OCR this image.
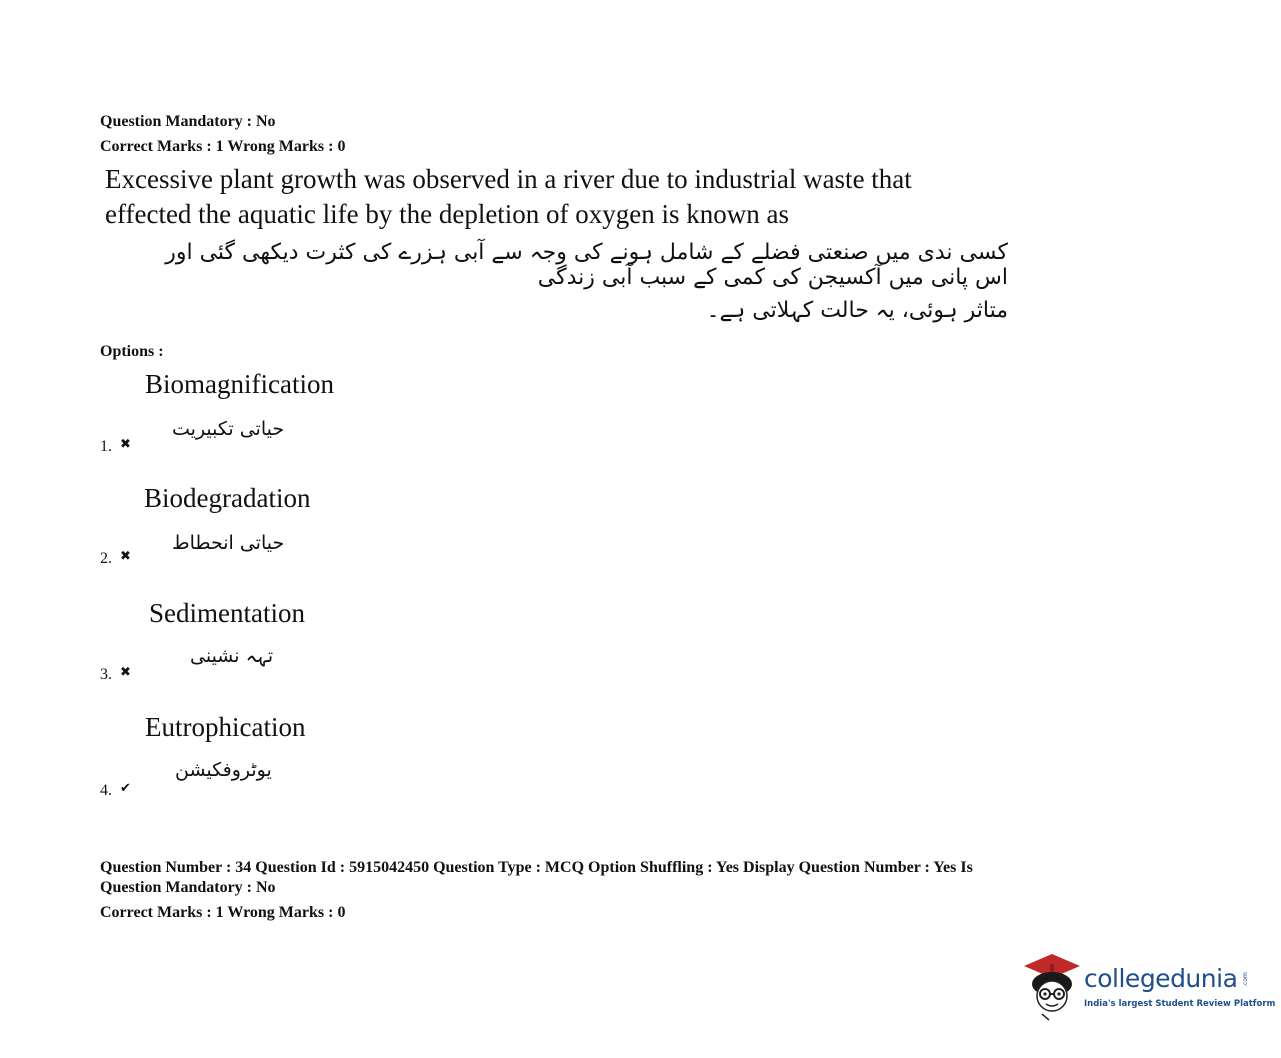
Question Mandatory : No
Correct Marks : 1 Wrong Marks : 0
Excessive plant growth was observed in a river due to industrial waste that
effected the aquatic life by the depletion of oxygen is known as
کسی ندی میں صنعتی فضلے کے شامل ہونے کی وجہ سے آبی ہزرے کی کثرت دیکھی گئی اور اس پانی میں آکسیجن کی کمی کے سبب آبی زندگی
متاثر ہوئی، یہ حالت کہلاتی ہے۔
Options :
Biomagnification
حیاتی تکبیریت
1. ✖
Biodegradation
حیاتی انحطاط
2. ✖
Sedimentation
تہہ نشینی
3. ✖
Eutrophication
یوٹروفکیشن
4. ✔
Question Number : 34 Question Id : 5915042450 Question Type : MCQ Option Shuffling : Yes Display Question Number : Yes Is
Question Mandatory : No
Correct Marks : 1 Wrong Marks : 0
collegedunia .com
India's largest Student Review Platform
